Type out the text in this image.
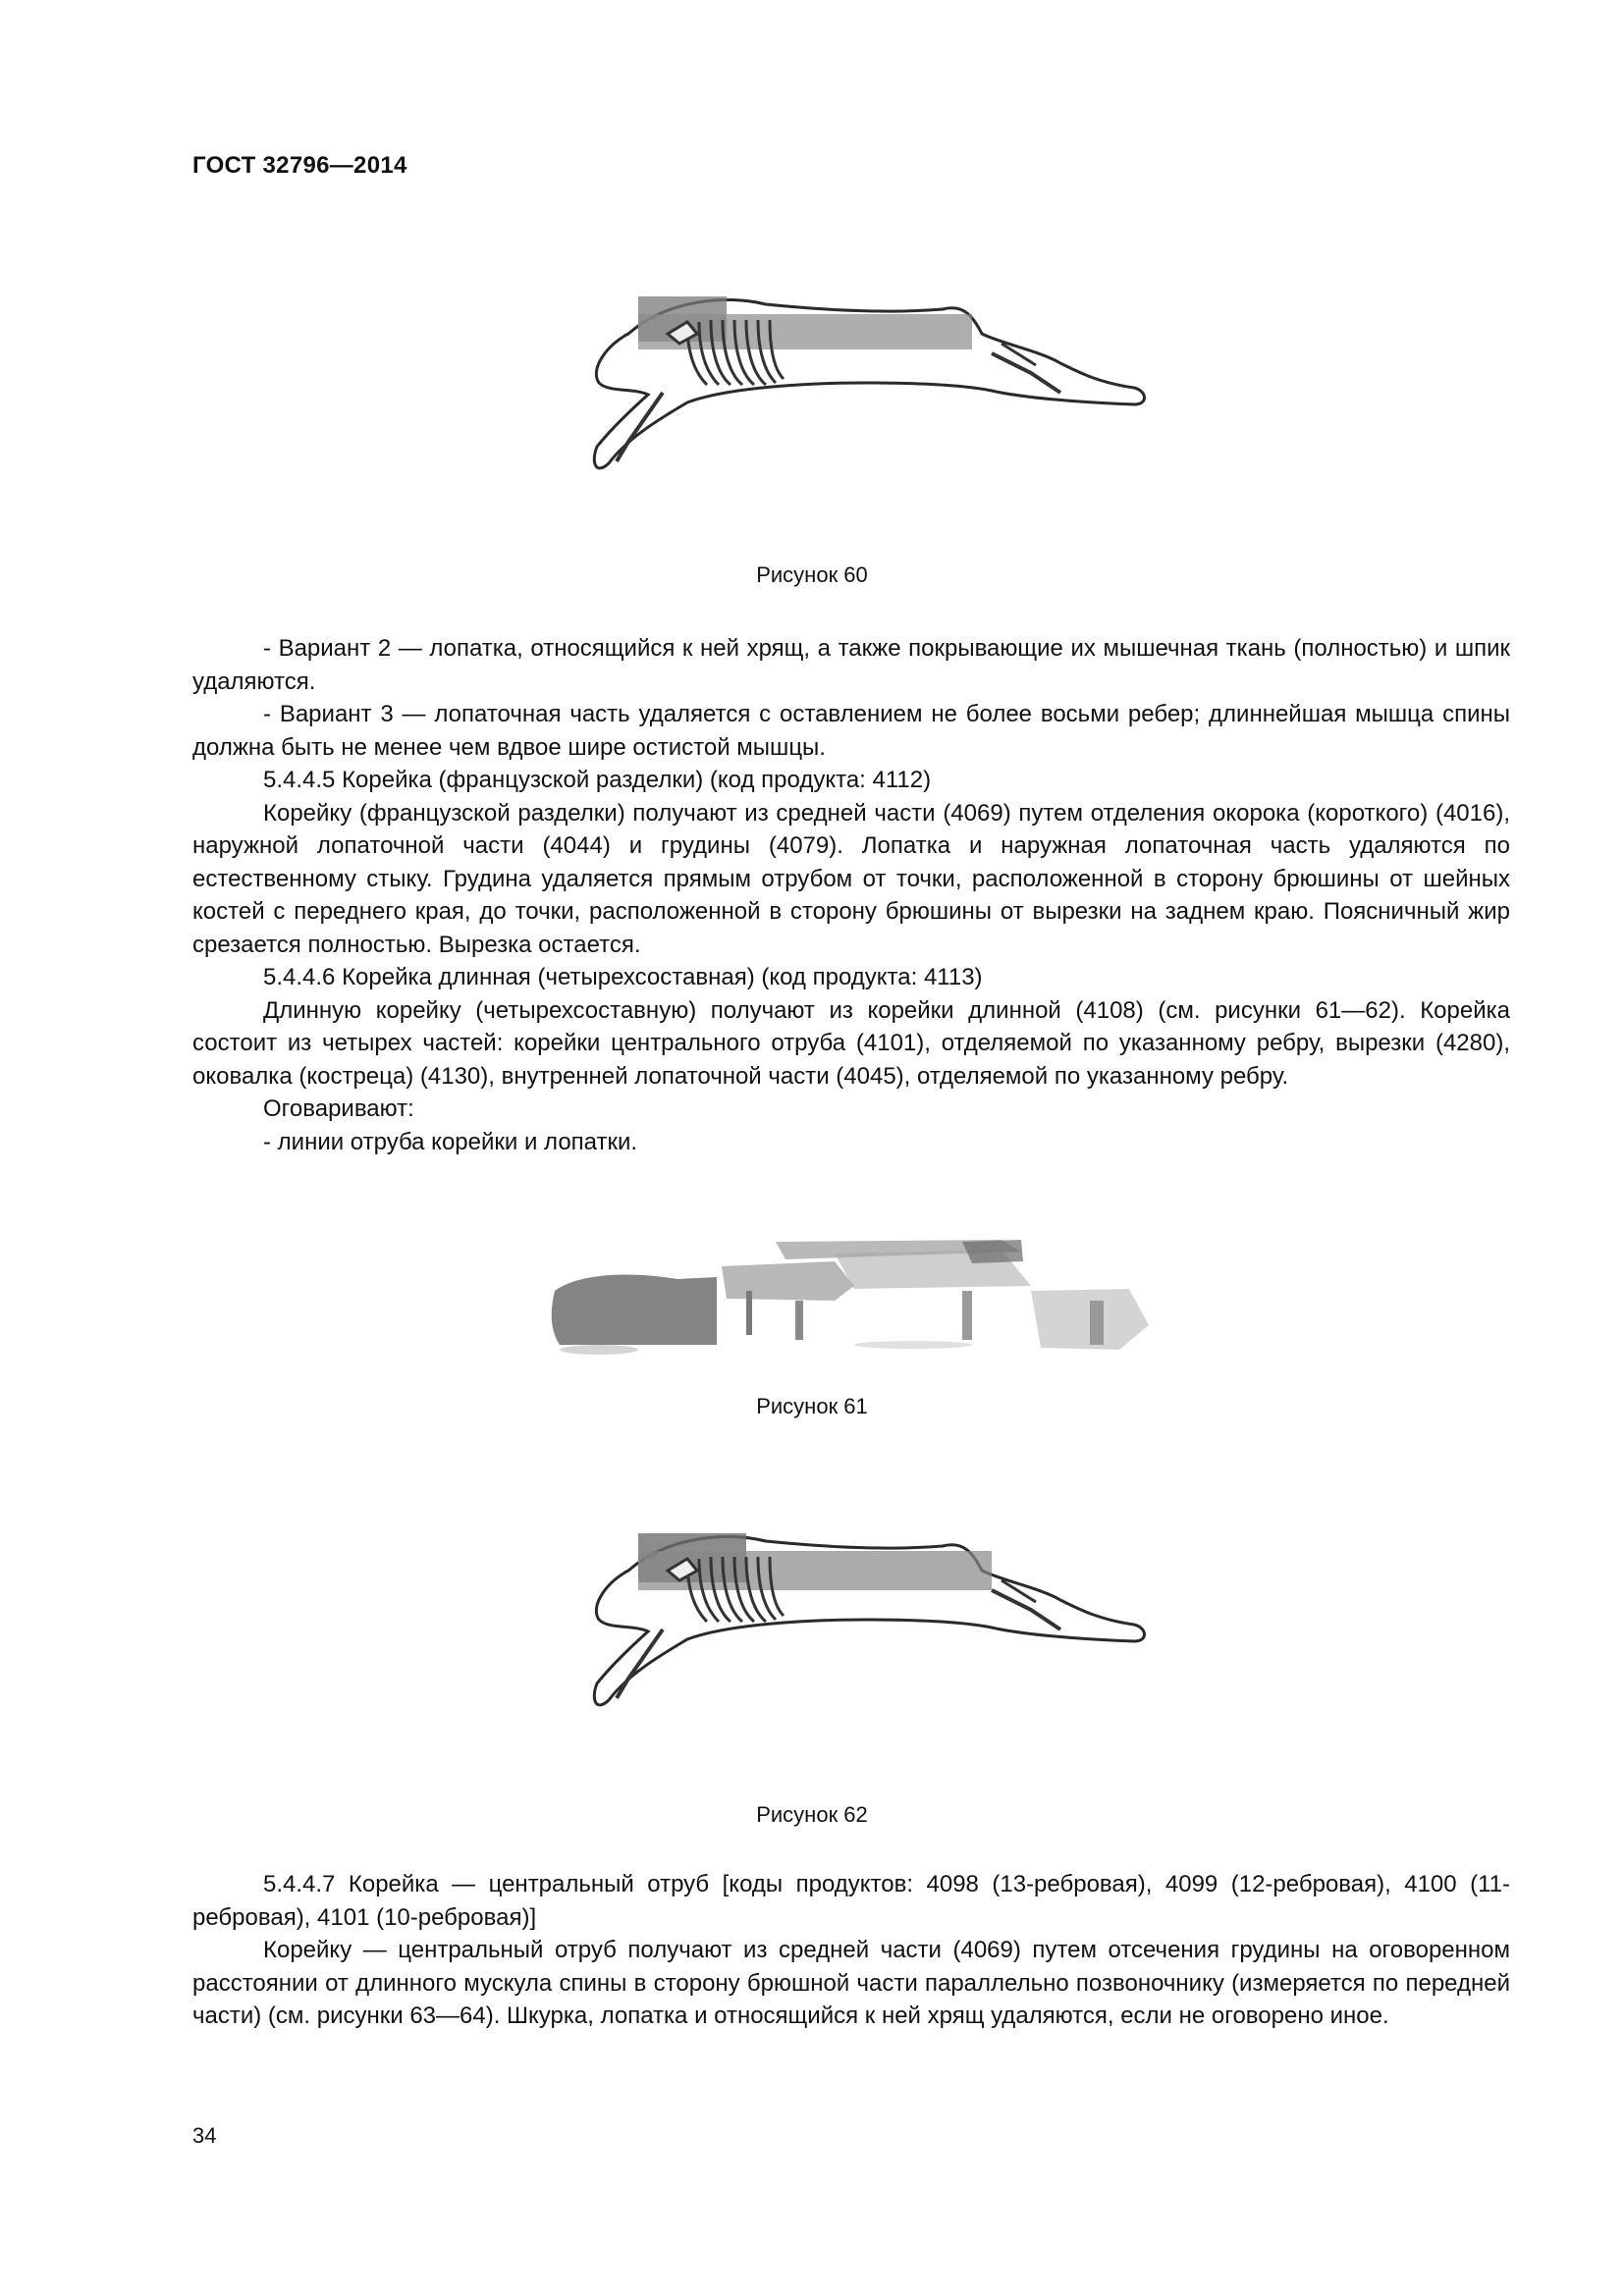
ГОСТ 32796—2014
Рисунок 60

- Вариант 2 — лопатка, относящийся к ней хрящ, а также покрывающие их мышечная ткань (полностью) и шпик удаляются.

- Вариант 3 — лопаточная часть удаляется с оставлением не более восьми ребер; длиннейшая мышца спины должна быть не менее чем вдвое шире остистой мышцы.

5.4.4.5 Корейка (французской разделки) (код продукта: 4112)

Корейку (французской разделки) получают из средней части (4069) путем отделения окорока (короткого) (4016), наружной лопаточной части (4044) и грудины (4079). Лопатка и наружная лопаточная часть удаляются по естественному стыку. Грудина удаляется прямым отрубом от точки, расположенной в сторону брюшины от шейных костей с переднего края, до точки, расположенной в сторону брюшины от вырезки на заднем краю. Поясничный жир срезается полностью. Вырезка остается.

5.4.4.6 Корейка длинная (четырехсоставная) (код продукта: 4113)

Длинную корейку (четырехсоставную) получают из корейки длинной (4108) (см. рисунки 61—62). Корейка состоит из четырех частей: корейки центрального отруба (4101), отделяемой по указанному ребру, вырезки (4280), оковалка (кострецa) (4130), внутренней лопаточной части (4045), отделяемой по указанному ребру.

Оговаривают:

- линии отруба корейки и лопатки.

Рисунок 61
Рисунок 62

5.4.4.7 Корейка — центральный отруб [коды продуктов: 4098 (13-ребровая), 4099 (12-ребровая), 4100 (11-ребровая), 4101 (10-ребровая)]

Корейку — центральный отруб получают из средней части (4069) путем отсечения грудины на оговоренном расстоянии от длинного мускула спины в сторону брюшной части параллельно позвоночнику (измеряется по передней части) (см. рисунки 63—64). Шкурка, лопатка и относящийся к ней хрящ удаляются, если не оговорено иное.

34
